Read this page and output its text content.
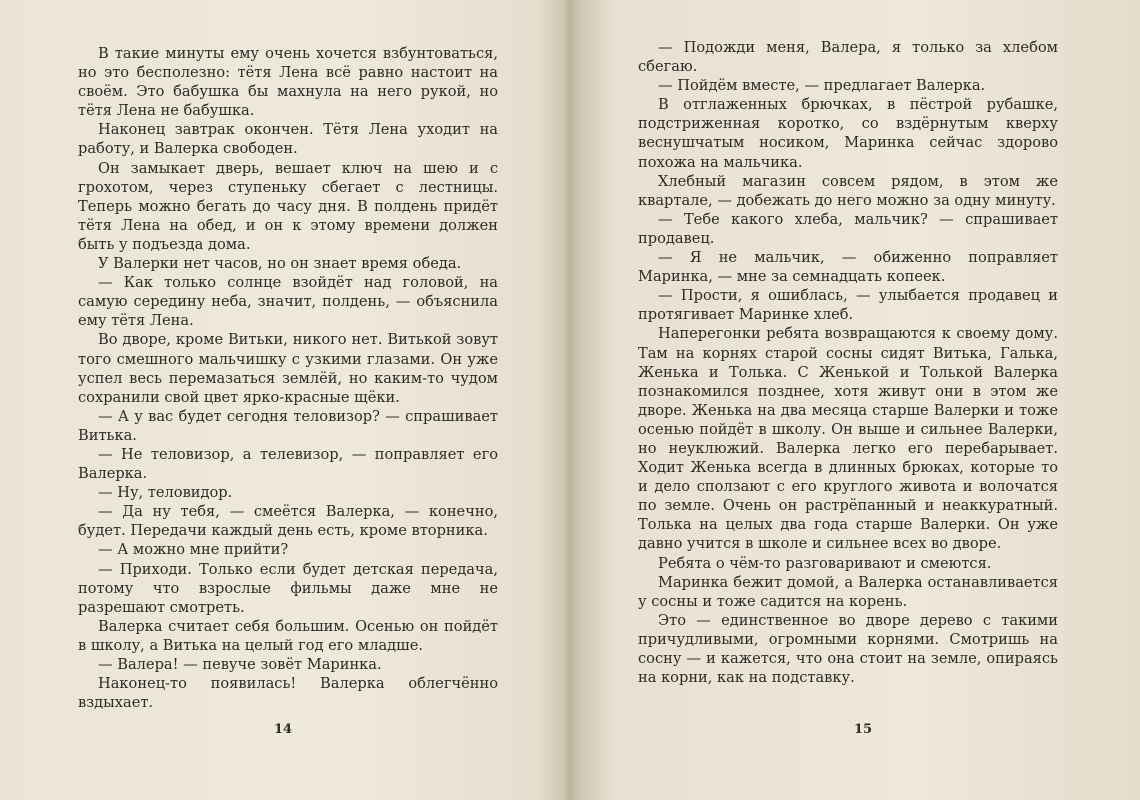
В такие минуты ему очень хочется взбунтоваться, но это бесполезно: тётя Лена всё равно настоит на своём. Это бабушка бы махнула на него рукой, но тётя Лена не бабушка.

Наконец завтрак окончен. Тётя Лена уходит на работу, и Валерка свободен.

Он замыкает дверь, вешает ключ на шею и с грохотом, через ступеньку сбегает с лестницы. Теперь можно бегать до часу дня. В полдень придёт тётя Лена на обед, и он к этому времени должен быть у подъезда дома.

У Валерки нет часов, но он знает время обеда.

— Как только солнце взойдёт над головой, на самую середину неба, значит, полдень, — объяснила ему тётя Лена.

Во дворе, кроме Витьки, никого нет. Витькой зовут того смешного мальчишку с узкими глазами. Он уже успел весь перемазаться землёй, но каким-то чудом сохранили свой цвет ярко-красные щёки.

— А у вас будет сегодня теловизор? — спрашивает Витька.

— Не теловизор, а телевизор, — поправляет его Валерка.

— Ну, теловидор.

— Да ну тебя, — смеётся Валерка, — конечно, будет. Передачи каждый день есть, кроме вторника.

— А можно мне прийти?

— Приходи. Только если будет детская передача, потому что взрослые фильмы даже мне не разрешают смотреть.

Валерка считает себя большим. Осенью он пойдёт в школу, а Витька на целый год его младше.

— Валера! — певуче зовёт Маринка.

Наконец-то появилась! Валерка облегчённо вздыхает.

14

— Подожди меня, Валера, я только за хлебом сбегаю.

— Пойдём вместе, — предлагает Валерка.

В отглаженных брючках, в пёстрой рубашке, подстриженная коротко, со вздёрнутым кверху веснушчатым носиком, Маринка сейчас здорово похожа на мальчика.

Хлебный магазин совсем рядом, в этом же квартале, — добежать до него можно за одну минуту.

— Тебе какого хлеба, мальчик? — спрашивает продавец.

— Я не мальчик, — обиженно поправляет Маринка, — мне за семнадцать копеек.

— Прости, я ошиблась, — улыбается продавец и протягивает Маринке хлеб.

Наперегонки ребята возвращаются к своему дому. Там на корнях старой сосны сидят Витька, Галька, Женька и Толька. С Женькой и Толькой Валерка познакомился позднее, хотя живут они в этом же дворе. Женька на два месяца старше Валерки и тоже осенью пойдёт в школу. Он выше и сильнее Валерки, но неуклюжий. Валерка легко его перебарывает. Ходит Женька всегда в длинных брюках, которые то и дело сползают с его круглого живота и волочатся по земле. Очень он растрёпанный и неаккуратный. Толька на целых два года старше Валерки. Он уже давно учится в школе и сильнее всех во дворе.

Ребята о чём-то разговаривают и смеются.

Маринка бежит домой, а Валерка останавливается у сосны и тоже садится на корень.

Это — единственное во дворе дерево с такими причудливыми, огромными корнями. Смотришь на сосну — и кажется, что она стоит на земле, опираясь на корни, как на подставку.

15
